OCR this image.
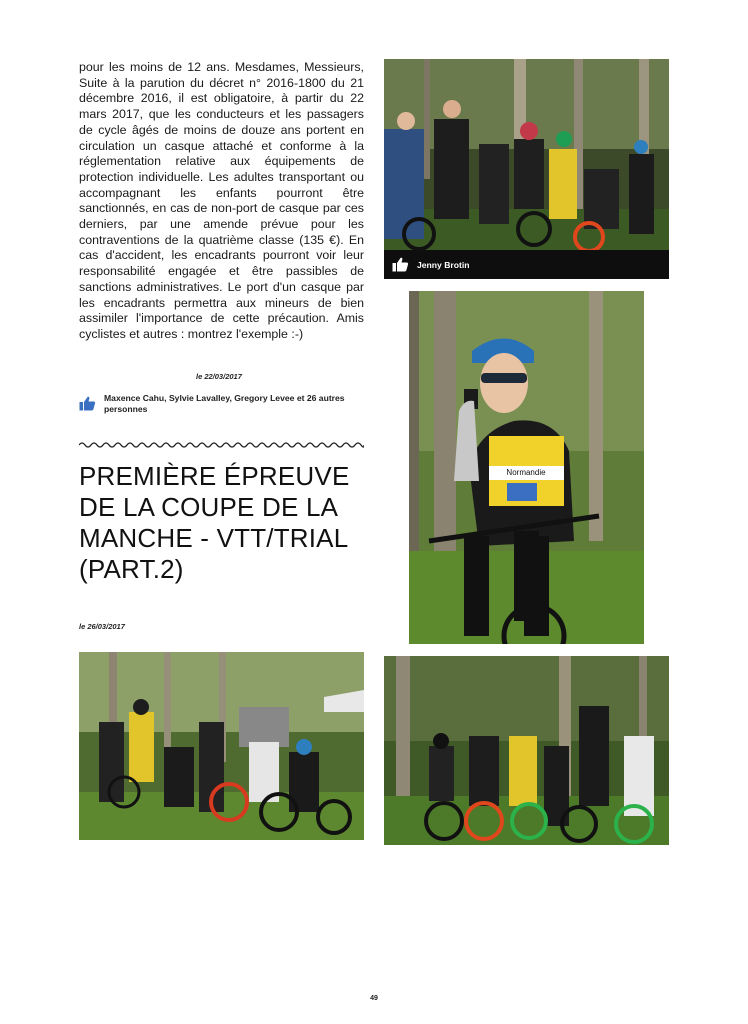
pour les moins de 12 ans. Mesdames, Messieurs, Suite à la parution du décret n° 2016-1800 du 21 décembre 2016, il est obligatoire, à partir du 22 mars 2017, que les conducteurs et les passagers de cycle âgés de moins de douze ans portent en circulation un casque attaché et conforme à la réglementation relative aux équipements de protection individuelle. Les adultes transportant ou accompagnant les enfants pourront être sanctionnés, en cas de non-port de casque par ces derniers, par une amende prévue pour les contraventions de la quatrième classe (135 €). En cas d'accident, les encadrants pourront voir leur responsabilité engagée et être passibles de sanctions administratives. Le port d'un casque par les encadrants permettra aux mineurs de bien assimiler l'importance de cette précaution. Amis cyclistes et autres : montrez l'exemple :-)
le 22/03/2017
Maxence Cahu, Sylvie Lavalley, Gregory Levee et 26 autres personnes
PREMIÈRE ÉPREUVE DE LA COUPE DE LA MANCHE - VTT/TRIAL (PART.2)
le 26/03/2017
Jenny Brotin
Normandie
49
